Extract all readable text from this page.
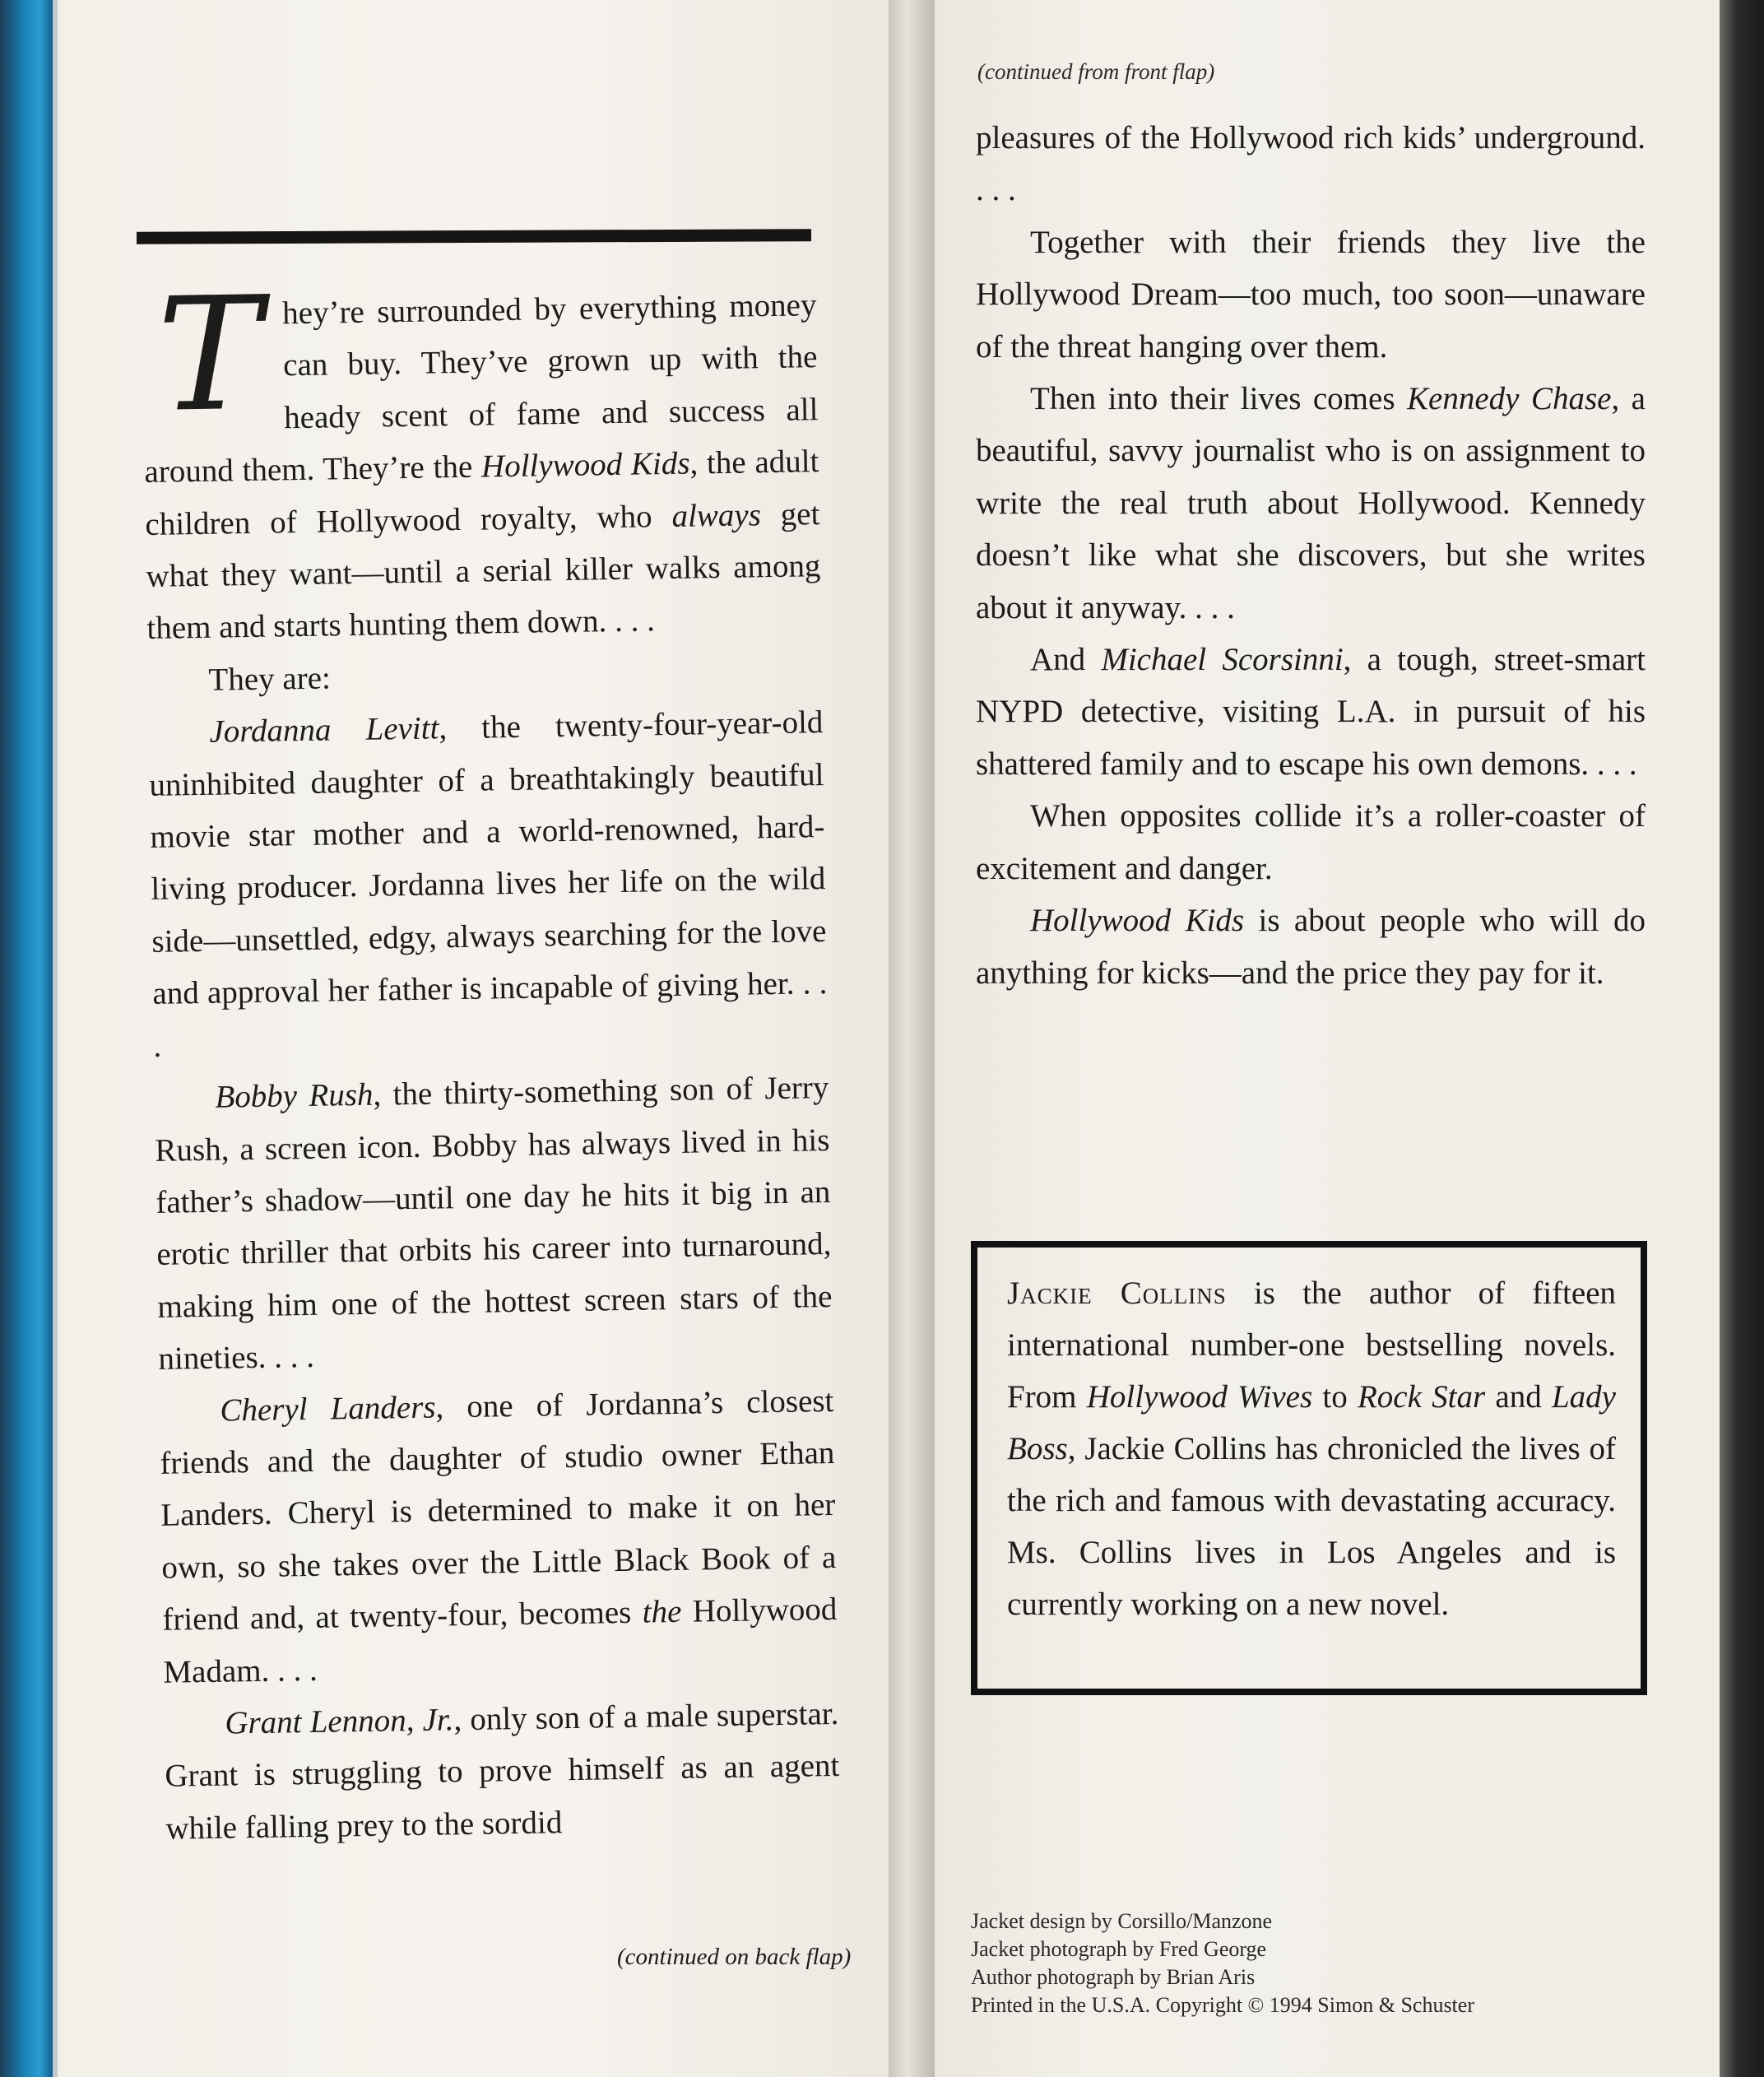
They’re surrounded by everything money can buy. They’ve grown up with the heady scent of fame and success all around them. They’re the Hollywood Kids, the adult children of Hollywood royalty, who always get what they want—until a serial killer walks among them and starts hunting them down. . . .

They are:

Jordanna Levitt, the twenty-four-year-old uninhibited daughter of a breathtakingly beautiful movie star mother and a world-renowned, hard-living producer. Jordanna lives her life on the wild side—unsettled, edgy, always searching for the love and approval her father is incapable of giving her. . . .

Bobby Rush, the thirty-something son of Jerry Rush, a screen icon. Bobby has always lived in his father’s shadow—until one day he hits it big in an erotic thriller that orbits his career into turnaround, making him one of the hottest screen stars of the nineties. . . .

Cheryl Landers, one of Jordanna’s closest friends and the daughter of studio owner Ethan Landers. Cheryl is determined to make it on her own, so she takes over the Little Black Book of a friend and, at twenty-four, becomes the Hollywood Madam. . . .

Grant Lennon, Jr., only son of a male superstar. Grant is struggling to prove himself as an agent while falling prey to the sordid

(continued on back flap)
(continued from front flap)

pleasures of the Hollywood rich kids’ underground. . . .

Together with their friends they live the Hollywood Dream—too much, too soon—unaware of the threat hanging over them.

Then into their lives comes Kennedy Chase, a beautiful, savvy journalist who is on assignment to write the real truth about Hollywood. Kennedy doesn’t like what she discovers, but she writes about it anyway. . . .

And Michael Scorsinni, a tough, street-smart NYPD detective, visiting L.A. in pursuit of his shattered family and to escape his own demons. . . .

When opposites collide it’s a roller-coaster of excitement and danger.

Hollywood Kids is about people who will do anything for kicks—and the price they pay for it.

Jackie Collins is the author of fifteen international number-one bestselling novels. From Hollywood Wives to Rock Star and Lady Boss, Jackie Collins has chronicled the lives of the rich and famous with devastating accuracy. Ms. Collins lives in Los Angeles and is currently working on a new novel.
Jacket design by Corsillo/Manzone
Jacket photograph by Fred George
Author photograph by Brian Aris
Printed in the U.S.A. Copyright © 1994 Simon & Schuster
